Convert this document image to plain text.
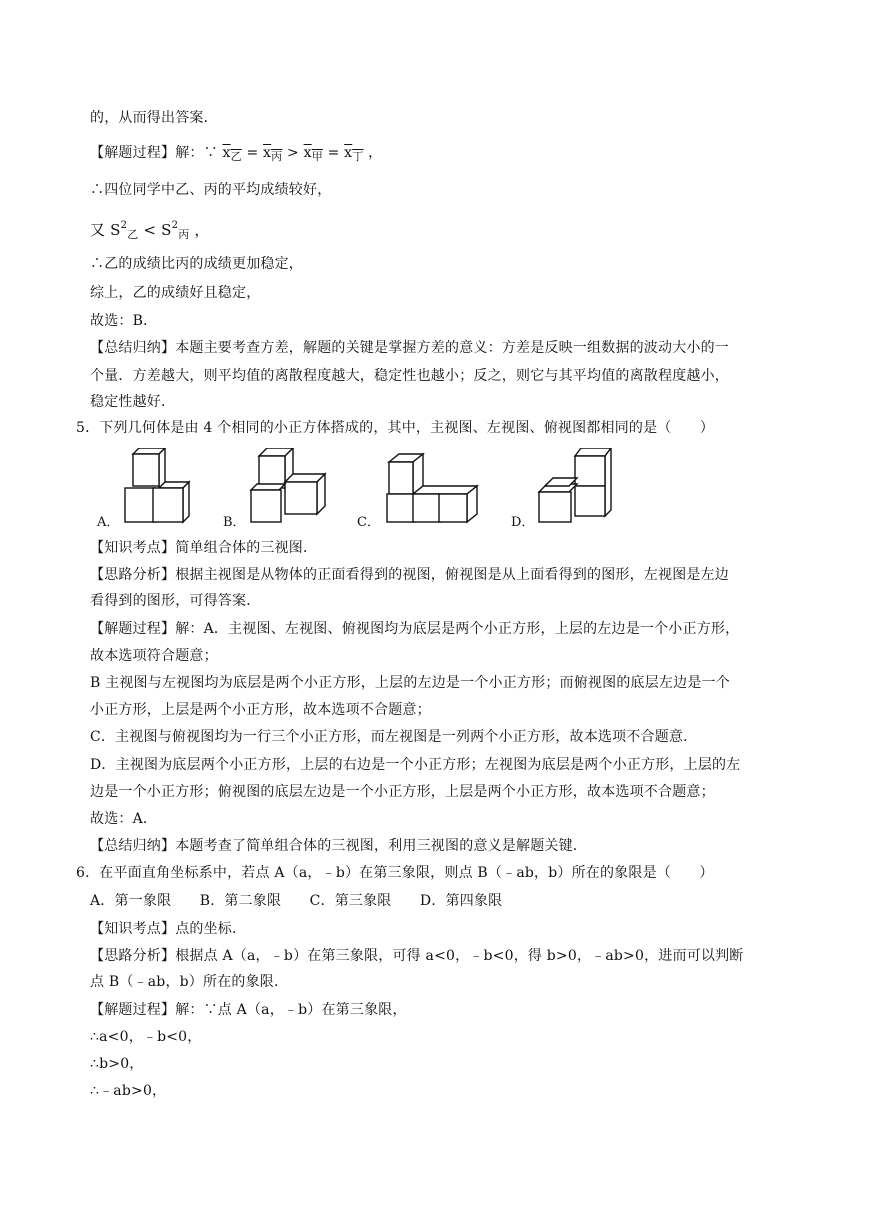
的，从而得出答案．
【解题过程】解：∵ $x_乙 = x_丙 > x_甲 = x_丁$ ，
∴四位同学中乙、丙的平均成绩较好，
又 $S^2_乙 < S^2_丙$ ，
∴乙的成绩比丙的成绩更加稳定，
综上，乙的成绩好且稳定，
故选：B．
【总结归纳】本题主要考查方差，解题的关键是掌握方差的意义：方差是反映一组数据的波动大小的一
个量．方差越大，则平均值的离散程度越大，稳定性也越小；反之，则它与其平均值的离散程度越小，
稳定性越好．
5．下列几何体是由 4 个相同的小正方体搭成的，其中，主视图、左视图、俯视图都相同的是（　　）
A．	B．	C．	D．
【知识考点】简单组合体的三视图．
【思路分析】根据主视图是从物体的正面看得到的视图，俯视图是从上面看得到的图形，左视图是左边
看得到的图形，可得答案．
【解题过程】解：A．主视图、左视图、俯视图均为底层是两个小正方形，上层的左边是一个小正方形，
故本选项符合题意；
B 主视图与左视图均为底层是两个小正方形，上层的左边是一个小正方形；而俯视图的底层左边是一个
小正方形，上层是两个小正方形，故本选项不合题意；
C．主视图与俯视图均为一行三个小正方形，而左视图是一列两个小正方形，故本选项不合题意．
D．主视图为底层两个小正方形，上层的右边是一个小正方形；左视图为底层是两个小正方形，上层的左
边是一个小正方形；俯视图的底层左边是一个小正方形，上层是两个小正方形，故本选项不合题意；
故选：A．
【总结归纳】本题考查了简单组合体的三视图，利用三视图的意义是解题关键．
6．在平面直角坐标系中，若点 A（a，﹣b）在第三象限，则点 B（﹣ab，b）所在的象限是（　　）
A．第一象限　　B．第二象限　　C．第三象限　　D．第四象限
【知识考点】点的坐标．
【思路分析】根据点 A（a，﹣b）在第三象限，可得 a<0，﹣b<0，得 b>0，﹣ab>0，进而可以判断
点 B（﹣ab，b）所在的象限．
【解题过程】解：∵点 A（a，﹣b）在第三象限，
∴a<0，﹣b<0，
∴b>0，
∴﹣ab>0，
